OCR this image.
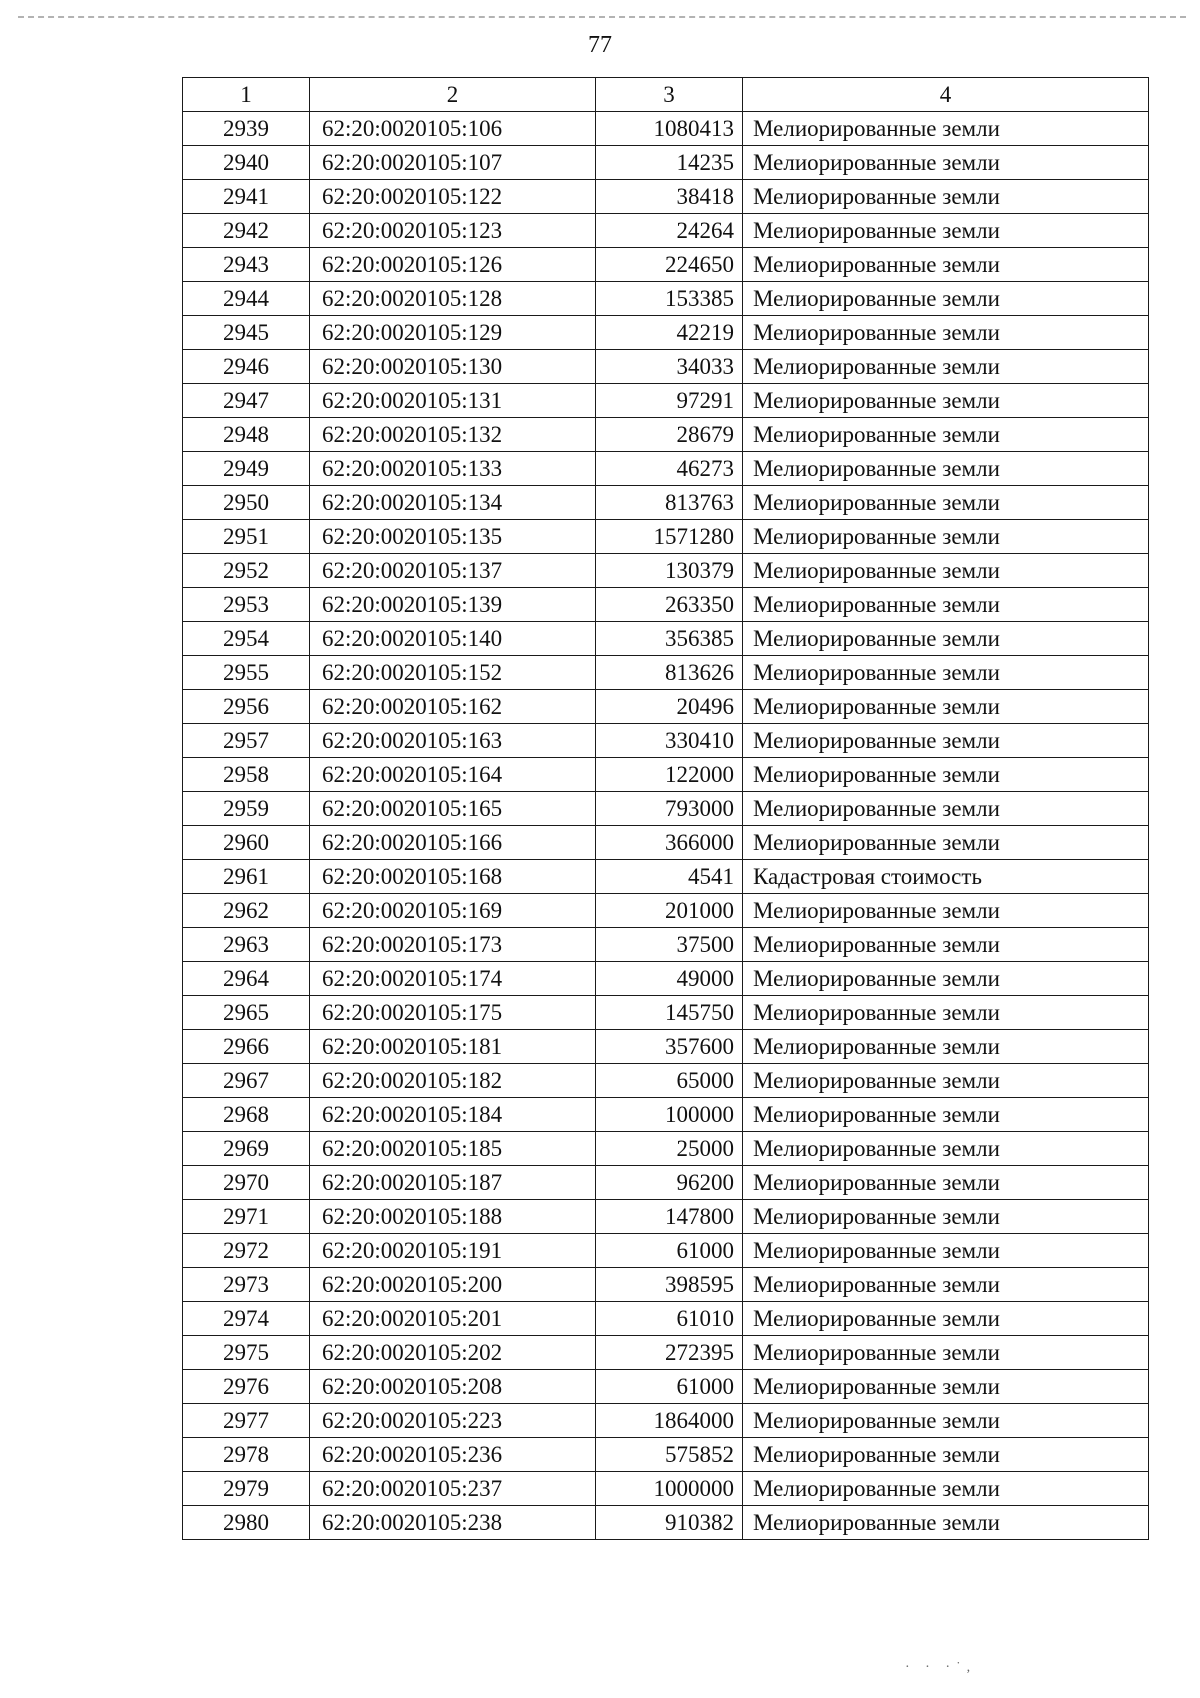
77
1	2	3	4
2939	62:20:0020105:106	1080413	Мелиорированные земли
2940	62:20:0020105:107	14235	Мелиорированные земли
2941	62:20:0020105:122	38418	Мелиорированные земли
2942	62:20:0020105:123	24264	Мелиорированные земли
2943	62:20:0020105:126	224650	Мелиорированные земли
2944	62:20:0020105:128	153385	Мелиорированные земли
2945	62:20:0020105:129	42219	Мелиорированные земли
2946	62:20:0020105:130	34033	Мелиорированные земли
2947	62:20:0020105:131	97291	Мелиорированные земли
2948	62:20:0020105:132	28679	Мелиорированные земли
2949	62:20:0020105:133	46273	Мелиорированные земли
2950	62:20:0020105:134	813763	Мелиорированные земли
2951	62:20:0020105:135	1571280	Мелиорированные земли
2952	62:20:0020105:137	130379	Мелиорированные земли
2953	62:20:0020105:139	263350	Мелиорированные земли
2954	62:20:0020105:140	356385	Мелиорированные земли
2955	62:20:0020105:152	813626	Мелиорированные земли
2956	62:20:0020105:162	20496	Мелиорированные земли
2957	62:20:0020105:163	330410	Мелиорированные земли
2958	62:20:0020105:164	122000	Мелиорированные земли
2959	62:20:0020105:165	793000	Мелиорированные земли
2960	62:20:0020105:166	366000	Мелиорированные земли
2961	62:20:0020105:168	4541	Кадастровая стоимость
2962	62:20:0020105:169	201000	Мелиорированные земли
2963	62:20:0020105:173	37500	Мелиорированные земли
2964	62:20:0020105:174	49000	Мелиорированные земли
2965	62:20:0020105:175	145750	Мелиорированные земли
2966	62:20:0020105:181	357600	Мелиорированные земли
2967	62:20:0020105:182	65000	Мелиорированные земли
2968	62:20:0020105:184	100000	Мелиорированные земли
2969	62:20:0020105:185	25000	Мелиорированные земли
2970	62:20:0020105:187	96200	Мелиорированные земли
2971	62:20:0020105:188	147800	Мелиорированные земли
2972	62:20:0020105:191	61000	Мелиорированные земли
2973	62:20:0020105:200	398595	Мелиорированные земли
2974	62:20:0020105:201	61010	Мелиорированные земли
2975	62:20:0020105:202	272395	Мелиорированные земли
2976	62:20:0020105:208	61000	Мелиорированные земли
2977	62:20:0020105:223	1864000	Мелиорированные земли
2978	62:20:0020105:236	575852	Мелиорированные земли
2979	62:20:0020105:237	1000000	Мелиорированные земли
2980	62:20:0020105:238	910382	Мелиорированные земли
· · ·˙,
